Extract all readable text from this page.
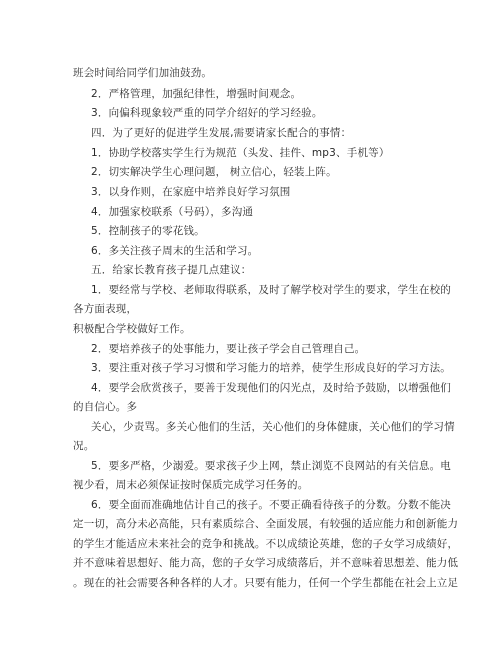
班会时间给同学们加油鼓劲。
2．严格管理，加强纪律性，增强时间观念。
3．向偏科现象较严重的同学介绍好的学习经验。
四．为了更好的促进学生发展,需要请家长配合的事情：
1．协助学校落实学生行为规范（头发、挂件、mp3、手机等）
2．切实解决学生心理问题， 树立信心，轻装上阵。
3．以身作则，在家庭中培养良好学习氛围
4．加强家校联系（号码），多沟通
5．控制孩子的零花钱。
6．多关注孩子周末的生活和学习。
五．给家长教育孩子提几点建议：
1．要经常与学校、老师取得联系，及时了解学校对学生的要求，学生在校的
各方面表现，
积极配合学校做好工作。
2．要培养孩子的处事能力，要让孩子学会自己管理自己。
3．要注重对孩子学习习惯和学习能力的培养，使学生形成良好的学习方法。
4．要学会欣赏孩子，要善于发现他们的闪光点，及时给予鼓励，以增强他们
的自信心。多
关心，少责骂。多关心他们的生活，关心他们的身体健康，关心他们的学习情
况。
5．要多严格，少溺爱。要求孩子少上网，禁止浏览不良网站的有关信息。电
视少看，周末必须保证按时保质完成学习任务的。
6．要全面而准确地估计自己的孩子。不要正确看待孩子的分数。分数不能决
定一切，高分未必高能，只有素质综合、全面发展，有较强的适应能力和创新能力
的学生才能适应未来社会的竞争和挑战。不以成绩论英雄，您的子女学习成绩好，
并不意味着思想好、能力高，您的子女学习成绩落后，并不意味着思想差、能力低
。现在的社会需要各种各样的人才。只要有能力，任何一个学生都能在社会上立足
